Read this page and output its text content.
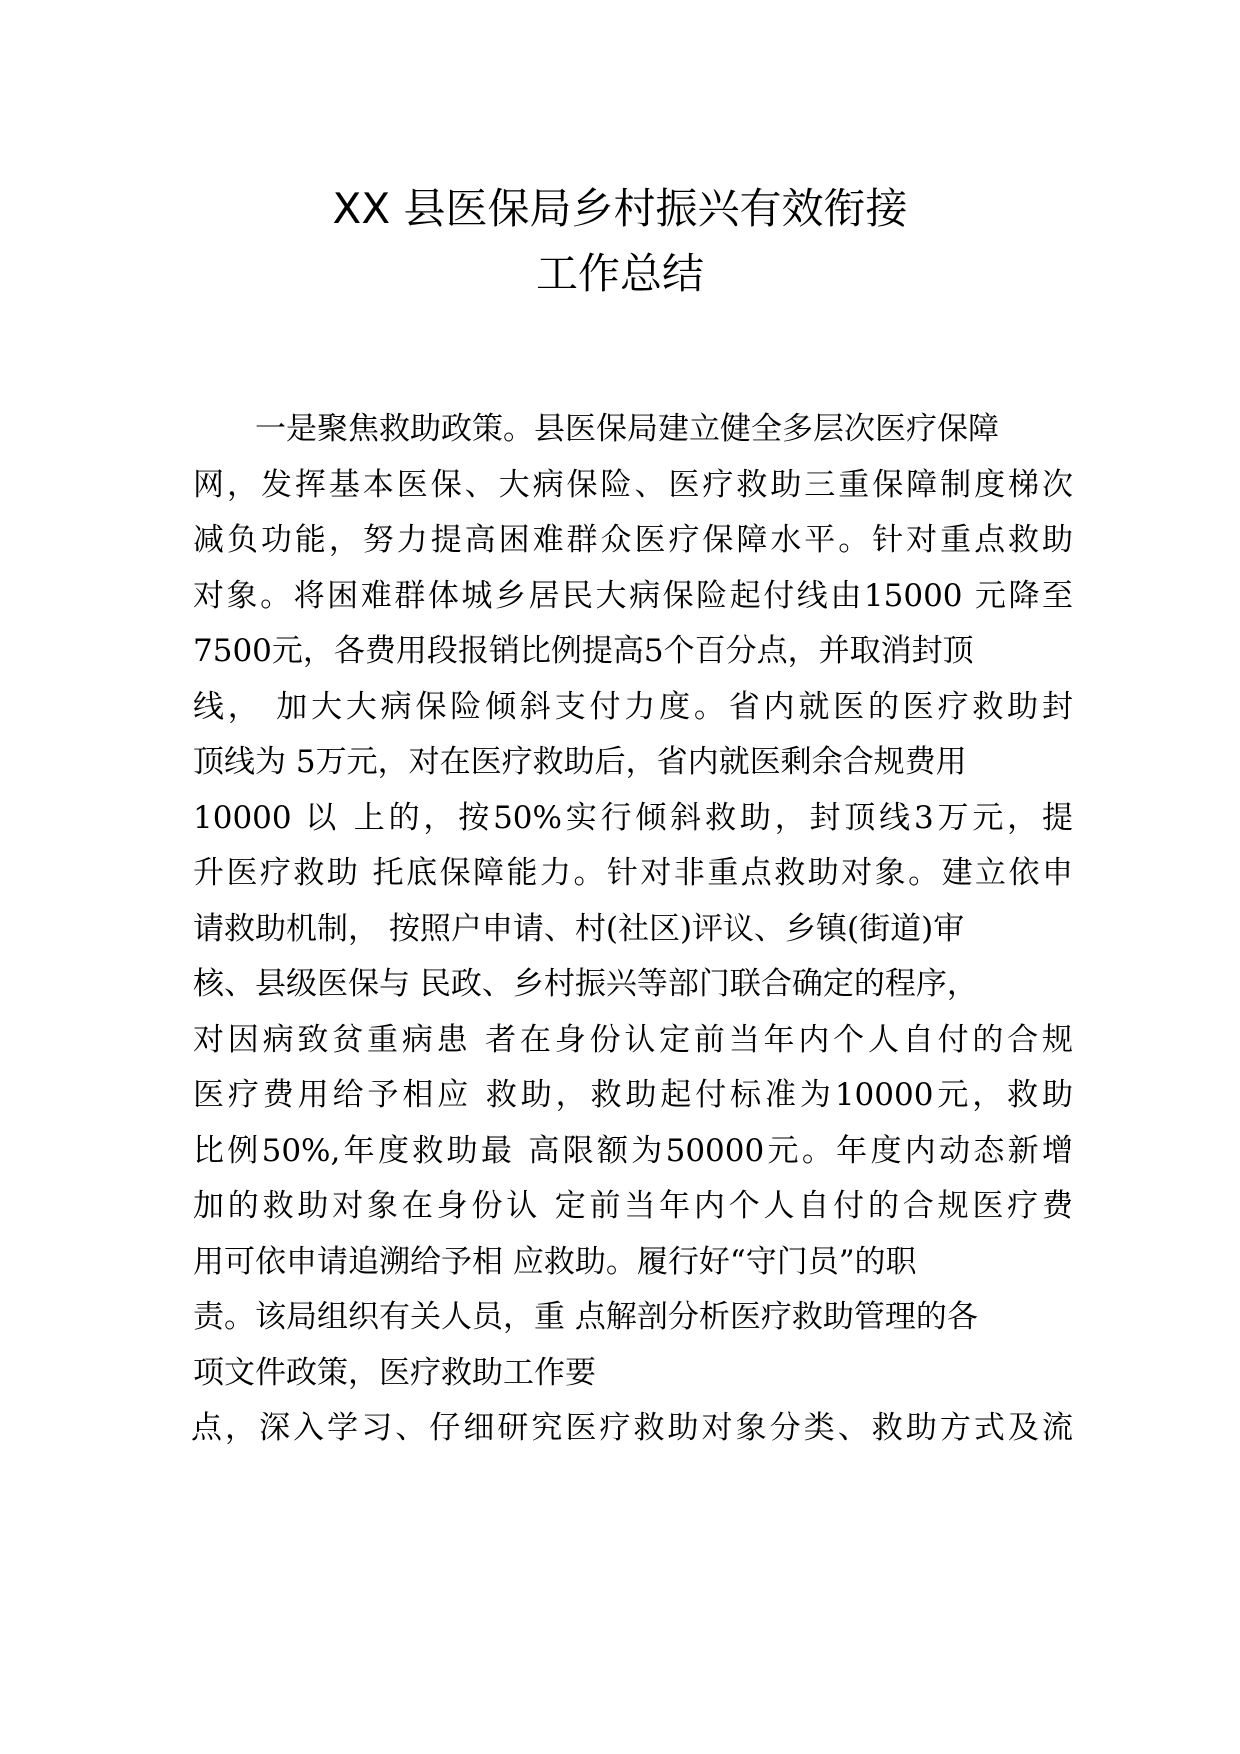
XX 县医保局乡村振兴有效衔接
工作总结
一是聚焦救助政策。县医保局建立健全多层次医疗保障
网，发挥基本医保、大病保险、医疗救助三重保障制度梯次
减负功能，努力提高困难群众医疗保障水平。针对重点救助
对象。将困难群体城乡居民大病保险起付线由15000 元降至
7500元，各费用段报销比例提高5个百分点，并取消封顶
线， 加大大病保险倾斜支付力度。省内就医的医疗救助封
顶线为 5万元，对在医疗救助后，省内就医剩余合规费用
10000 以 上的，按50%实行倾斜救助，封顶线3万元，提
升医疗救助 托底保障能力。针对非重点救助对象。建立依申
请救助机制， 按照户申请、村(社区)评议、乡镇(街道)审
核、县级医保与 民政、乡村振兴等部门联合确定的程序，
对因病致贫重病患 者在身份认定前当年内个人自付的合规
医疗费用给予相应 救助，救助起付标准为10000元，救助
比例50%,年度救助最 高限额为50000元。年度内动态新增
加的救助对象在身份认 定前当年内个人自付的合规医疗费
用可依申请追溯给予相 应救助。履行好“守门员”的职
责。该局组织有关人员，重 点解剖分析医疗救助管理的各
项文件政策，医疗救助工作要
点，深入学习、仔细研究医疗救助对象分类、救助方式及流
